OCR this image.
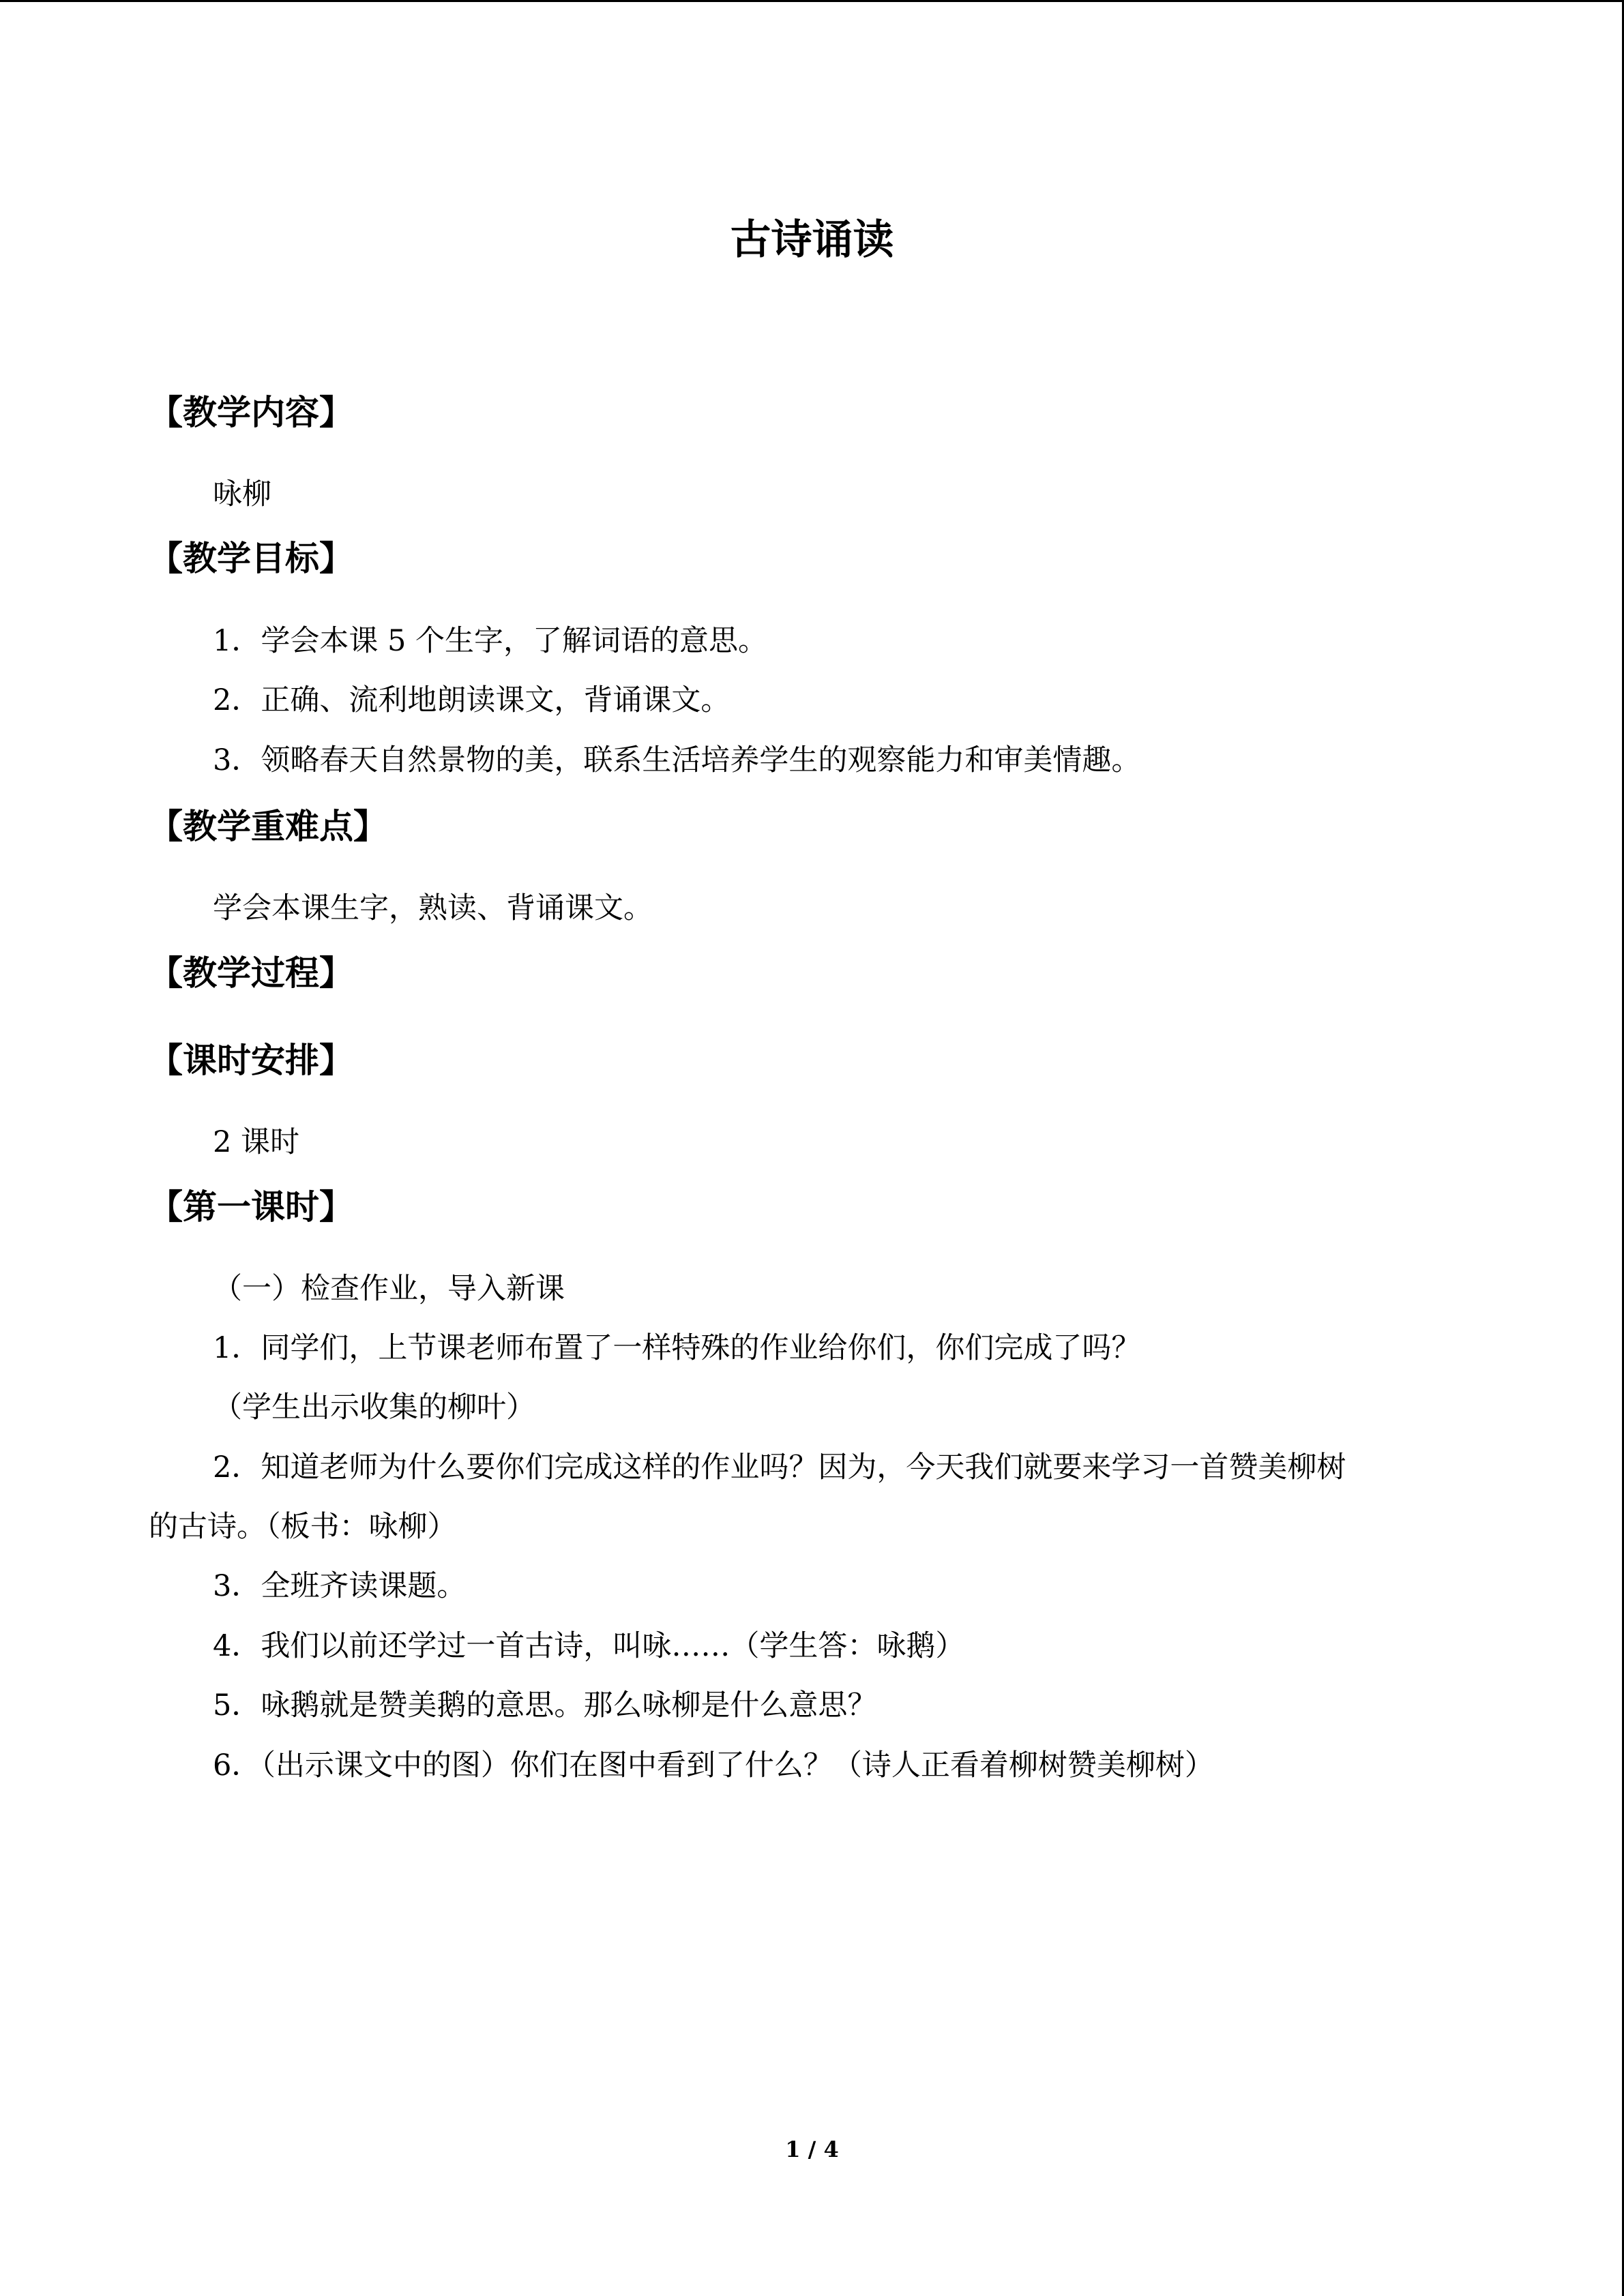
古诗诵读
【教学内容】
咏柳
【教学目标】
1．学会本课 5 个生字，了解词语的意思。
2．正确、流利地朗读课文，背诵课文。
3．领略春天自然景物的美，联系生活培养学生的观察能力和审美情趣。
【教学重难点】
学会本课生字，熟读、背诵课文。
【教学过程】
【课时安排】
2 课时
【第一课时】
（一）检查作业，导入新课
1．同学们，上节课老师布置了一样特殊的作业给你们，你们完成了吗？
（学生出示收集的柳叶）
2．知道老师为什么要你们完成这样的作业吗？因为，今天我们就要来学习一首赞美柳树
的古诗。（板书：咏柳）
3．全班齐读课题。
4．我们以前还学过一首古诗，叫咏……（学生答：咏鹅）
5．咏鹅就是赞美鹅的意思。那么咏柳是什么意思？
6．（出示课文中的图）你们在图中看到了什么？（诗人正看着柳树赞美柳树）
1 / 4
